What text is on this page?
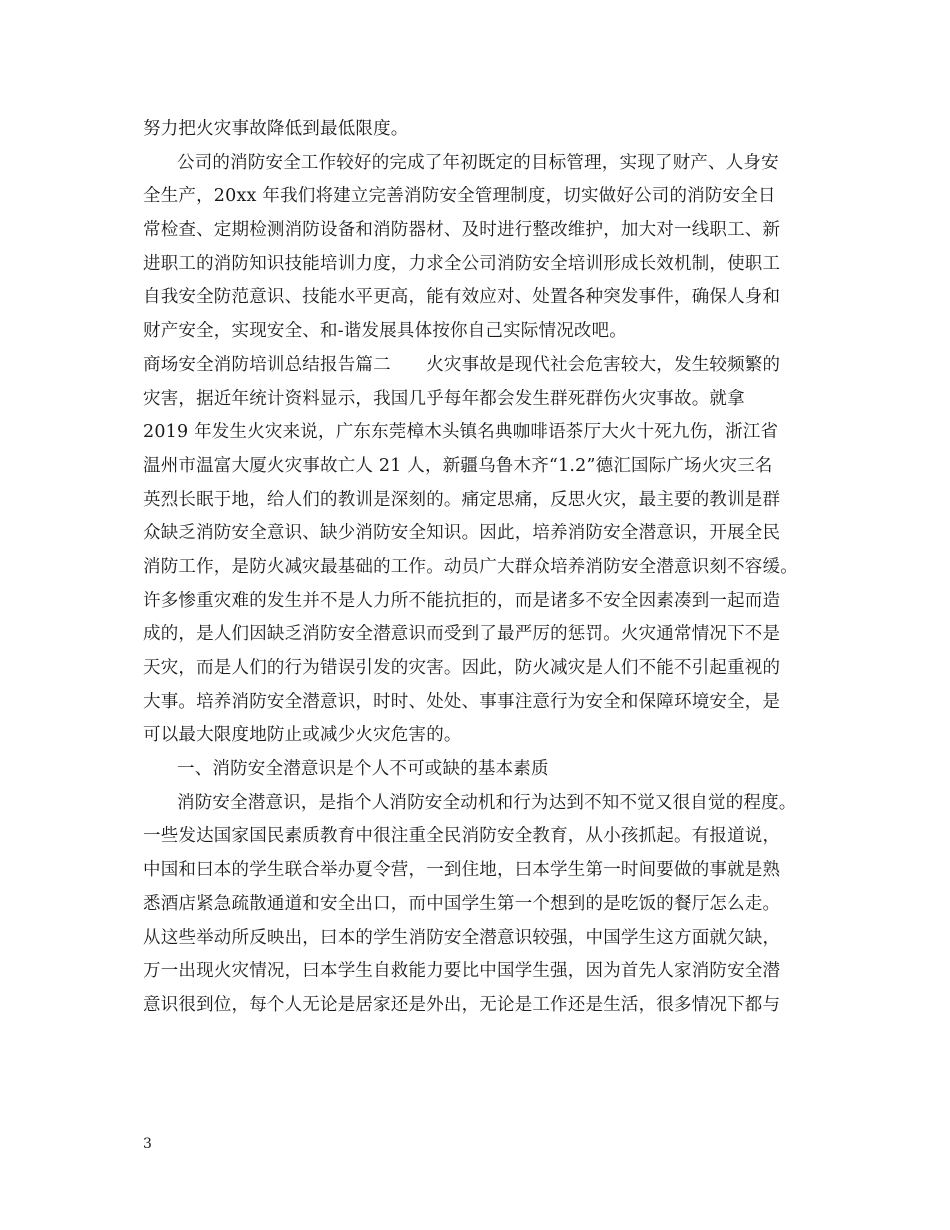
努力把火灾事故降低到最低限度。
公司的消防安全工作较好的完成了年初既定的目标管理，实现了财产、人身安
全生产，20xx 年我们将建立完善消防安全管理制度，切实做好公司的消防安全日
常检查、定期检测消防设备和消防器材、及时进行整改维护，加大对一线职工、新
进职工的消防知识技能培训力度，力求全公司消防安全培训形成长效机制，使职工
自我安全防范意识、技能水平更高，能有效应对、处置各种突发事件，确保人身和
财产安全，实现安全、和-谐发展具体按你自己实际情况改吧。
商场安全消防培训总结报告篇二　　火灾事故是现代社会危害较大，发生较频繁的
灾害，据近年统计资料显示，我国几乎每年都会发生群死群伤火灾事故。就拿
2019 年发生火灾来说，广东东莞樟木头镇名典咖啡语茶厅大火十死九伤，浙江省
温州市温富大厦火灾事故亡人 21 人，新疆乌鲁木齐“1.2”德汇国际广场火灾三名
英烈长眠于地，给人们的教训是深刻的。痛定思痛，反思火灾，最主要的教训是群
众缺乏消防安全意识、缺少消防安全知识。因此，培养消防安全潜意识，开展全民
消防工作，是防火减灾最基础的工作。动员广大群众培养消防安全潜意识刻不容缓。
许多惨重灾难的发生并不是人力所不能抗拒的，而是诸多不安全因素凑到一起而造
成的，是人们因缺乏消防安全潜意识而受到了最严厉的惩罚。火灾通常情况下不是
天灾，而是人们的行为错误引发的灾害。因此，防火减灾是人们不能不引起重视的
大事。培养消防安全潜意识，时时、处处、事事注意行为安全和保障环境安全，是
可以最大限度地防止或减少火灾危害的。
一、消防安全潜意识是个人不可或缺的基本素质
消防安全潜意识，是指个人消防安全动机和行为达到不知不觉又很自觉的程度。
一些发达国家国民素质教育中很注重全民消防安全教育，从小孩抓起。有报道说，
中国和曰本的学生联合举办夏令营，一到住地，曰本学生第一时间要做的事就是熟
悉酒店紧急疏散通道和安全出口，而中国学生第一个想到的是吃饭的餐厅怎么走。
从这些举动所反映出，曰本的学生消防安全潜意识较强，中国学生这方面就欠缺，
万一出现火灾情况，曰本学生自救能力要比中国学生强，因为首先人家消防安全潜
意识很到位，每个人无论是居家还是外出，无论是工作还是生活，很多情况下都与
3
